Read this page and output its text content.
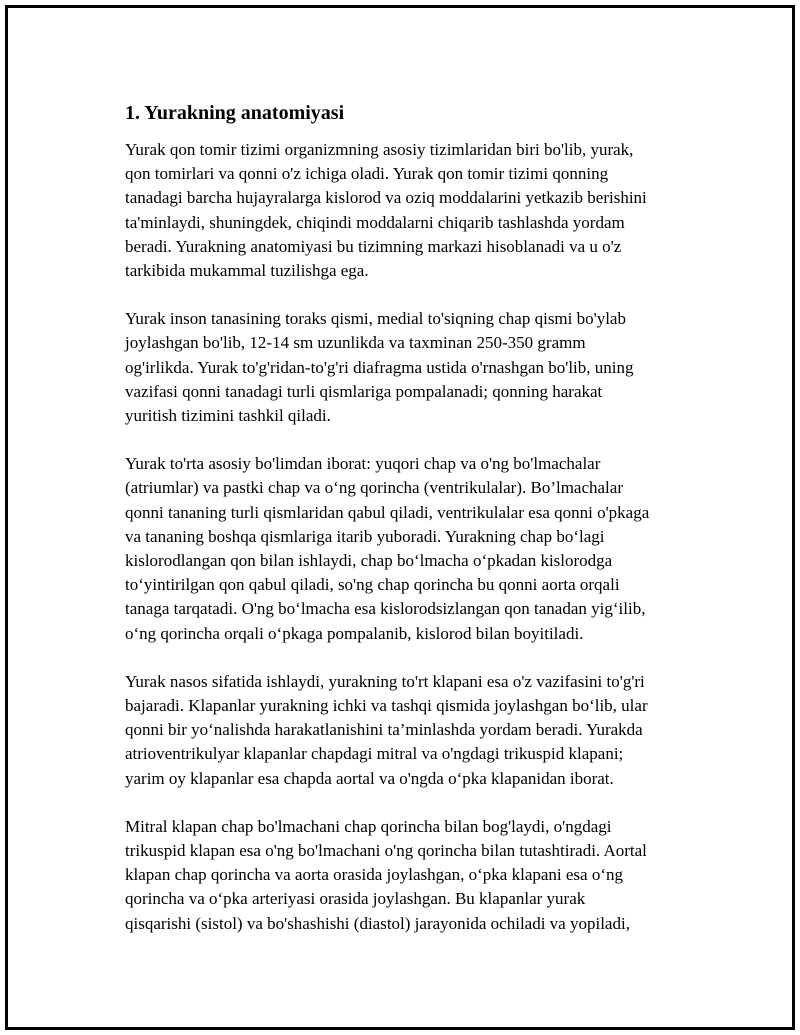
1. Yurakning anatomiyasi

Yurak qon tomir tizimi organizmning asosiy tizimlaridan biri bo'lib, yurak,
qon tomirlari va qonni o'z ichiga oladi. Yurak qon tomir tizimi qonning
tanadagi barcha hujayralarga kislorod va oziq moddalarini yetkazib berishini
ta'minlaydi, shuningdek, chiqindi moddalarni chiqarib tashlashda yordam
beradi. Yurakning anatomiyasi bu tizimning markazi hisoblanadi va u o'z
tarkibida mukammal tuzilishga ega.

Yurak inson tanasining toraks qismi, medial to'siqning chap qismi bo'ylab
joylashgan bo'lib, 12-14 sm uzunlikda va taxminan 250-350 gramm
og'irlikda. Yurak to'g'ridan-to'g'ri diafragma ustida o'rnashgan bo'lib, uning
vazifasi qonni tanadagi turli qismlariga pompalanadi; qonning harakat
yuritish tizimini tashkil qiladi.

Yurak to'rta asosiy bo'limdan iborat: yuqori chap va o'ng bo'lmachalar
(atriumlar) va pastki chap va o‘ng qorincha (ventrikulalar). Bo’lmachalar
qonni tananing turli qismlaridan qabul qiladi, ventrikulalar esa qonni o'pkaga
va tananing boshqa qismlariga itarib yuboradi. Yurakning chap bo‘lagi
kislorodlangan qon bilan ishlaydi, chap bo‘lmacha o‘pkadan kislorodga
to‘yintirilgan qon qabul qiladi, so'ng chap qorincha bu qonni aorta orqali
tanaga tarqatadi. O'ng bo‘lmacha esa kislorodsizlangan qon tanadan yig‘ilib,
o‘ng qorincha orqali o‘pkaga pompalanib, kislorod bilan boyitiladi.

Yurak nasos sifatida ishlaydi, yurakning to'rt klapani esa o'z vazifasini to'g'ri
bajaradi. Klapanlar yurakning ichki va tashqi qismida joylashgan bo‘lib, ular
qonni bir yo‘nalishda harakatlanishini ta’minlashda yordam beradi. Yurakda
atrioventrikulyar klapanlar chapdagi mitral va o'ngdagi trikuspid klapani;
yarim oy klapanlar esa chapda aortal va o'ngda o‘pka klapanidan iborat.

Mitral klapan chap bo'lmachani chap qorincha bilan bog'laydi, o'ngdagi
trikuspid klapan esa o'ng bo'lmachani o'ng qorincha bilan tutashtiradi. Aortal
klapan chap qorincha va aorta orasida joylashgan, o‘pka klapani esa o‘ng
qorincha va o‘pka arteriyasi orasida joylashgan. Bu klapanlar yurak
qisqarishi (sistol) va bo'shashishi (diastol) jarayonida ochiladi va yopiladi,
